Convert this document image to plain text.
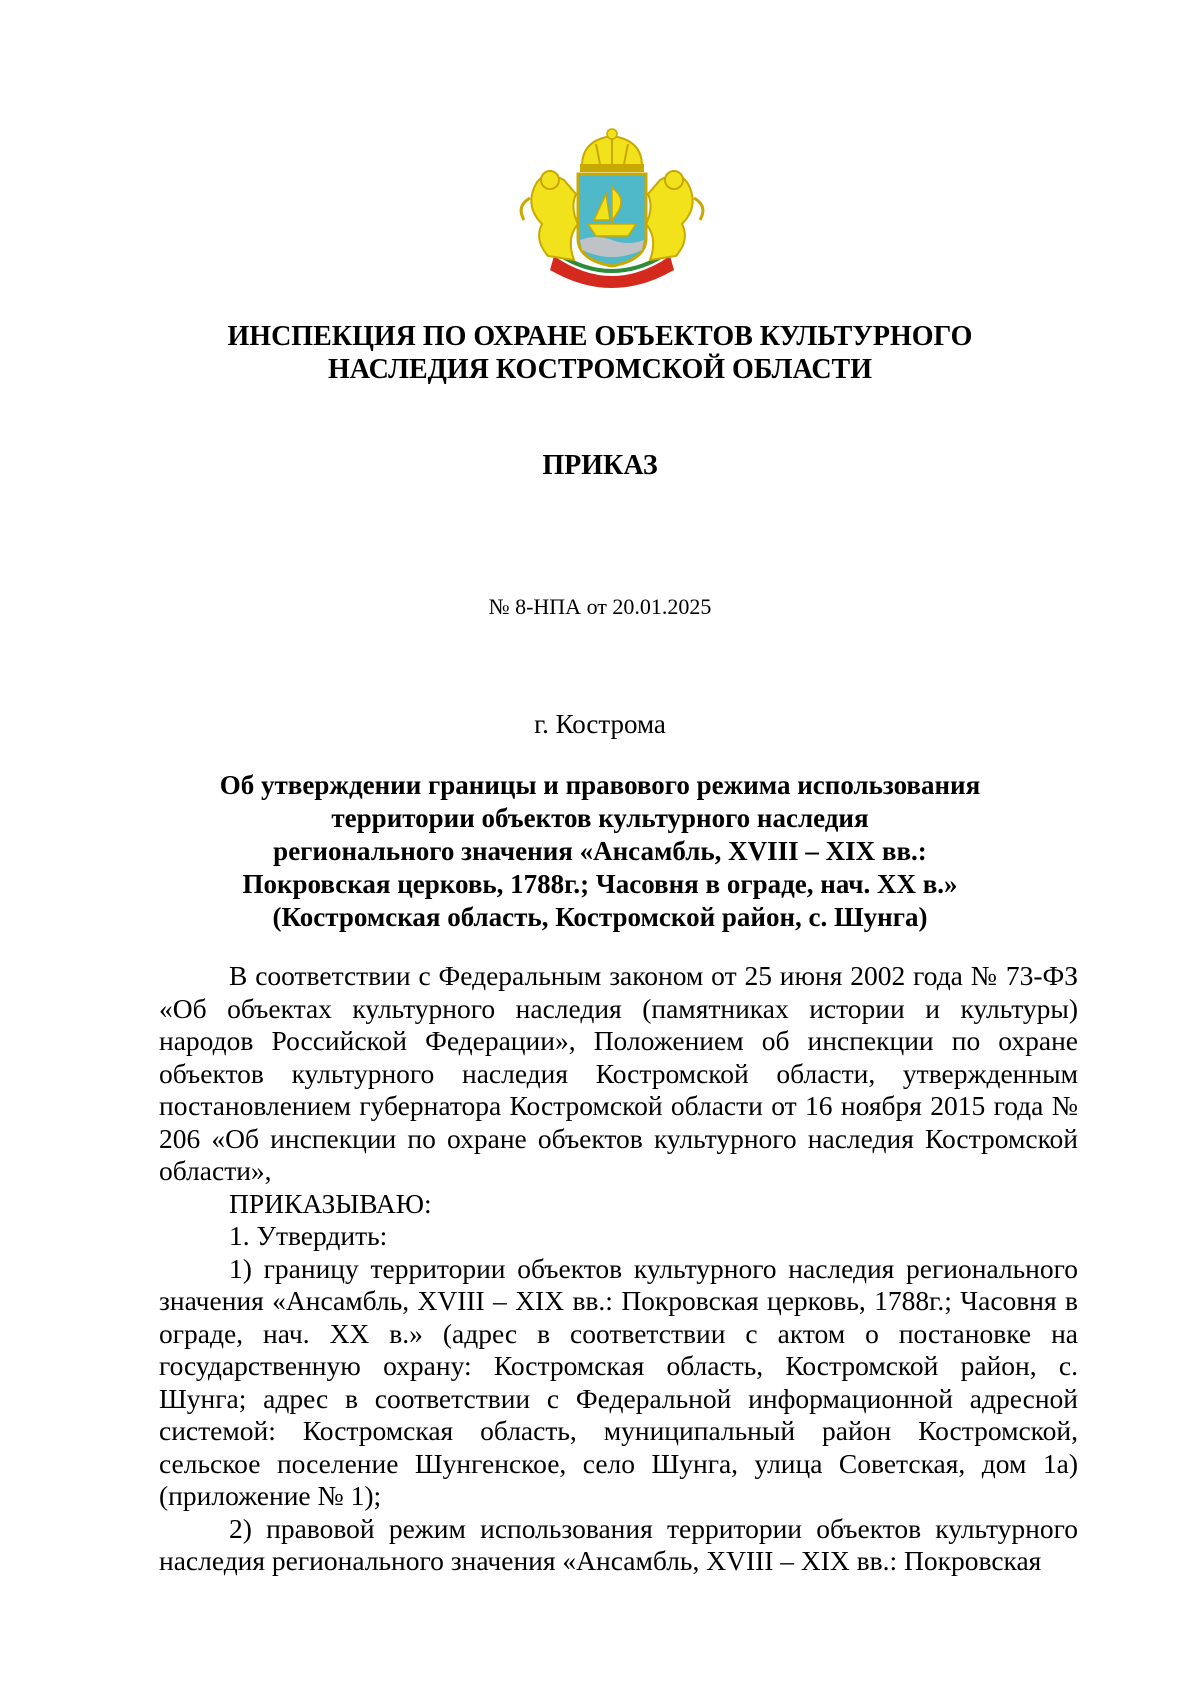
ИНСПЕКЦИЯ ПО ОХРАНЕ ОБЪЕКТОВ КУЛЬТУРНОГО
НАСЛЕДИЯ КОСТРОМСКОЙ ОБЛАСТИ
ПРИКАЗ
№ 8-НПА от 20.01.2025
г. Кострома
Об утверждении границы и правового режима использования
территории объектов культурного наследия
регионального значения «Ансамбль, XVIII – XIX вв.:
Покровская церковь, 1788г.; Часовня в ограде, нач. XX в.»
(Костромская область, Костромской район, с. Шунга)

В соответствии с Федеральным законом от 25 июня 2002 года № 73-ФЗ «Об объектах культурного наследия (памятниках истории и культуры) народов Российской Федерации», Положением об инспекции по охране объектов культурного наследия Костромской области, утвержденным постановлением губернатора Костромской области от 16 ноября 2015 года № 206 «Об инспекции по охране объектов культурного наследия Костромской области»,

ПРИКАЗЫВАЮ:

1. Утвердить:

1) границу территории объектов культурного наследия регионального значения «Ансамбль, XVIII – XIX вв.: Покровская церковь, 1788г.; Часовня в ограде, нач. XX в.» (адрес в соответствии с актом о постановке на государственную охрану: Костромская область, Костромской район, с. Шунга; адрес в соответствии с Федеральной информационной адресной системой: Костромская область, муниципальный район Костромской, сельское поселение Шунгенское, село Шунга, улица Советская, дом 1а) (приложение № 1);

2) правовой режим использования территории объектов культурного наследия регионального значения «Ансамбль, XVIII – XIX вв.: Покровская
